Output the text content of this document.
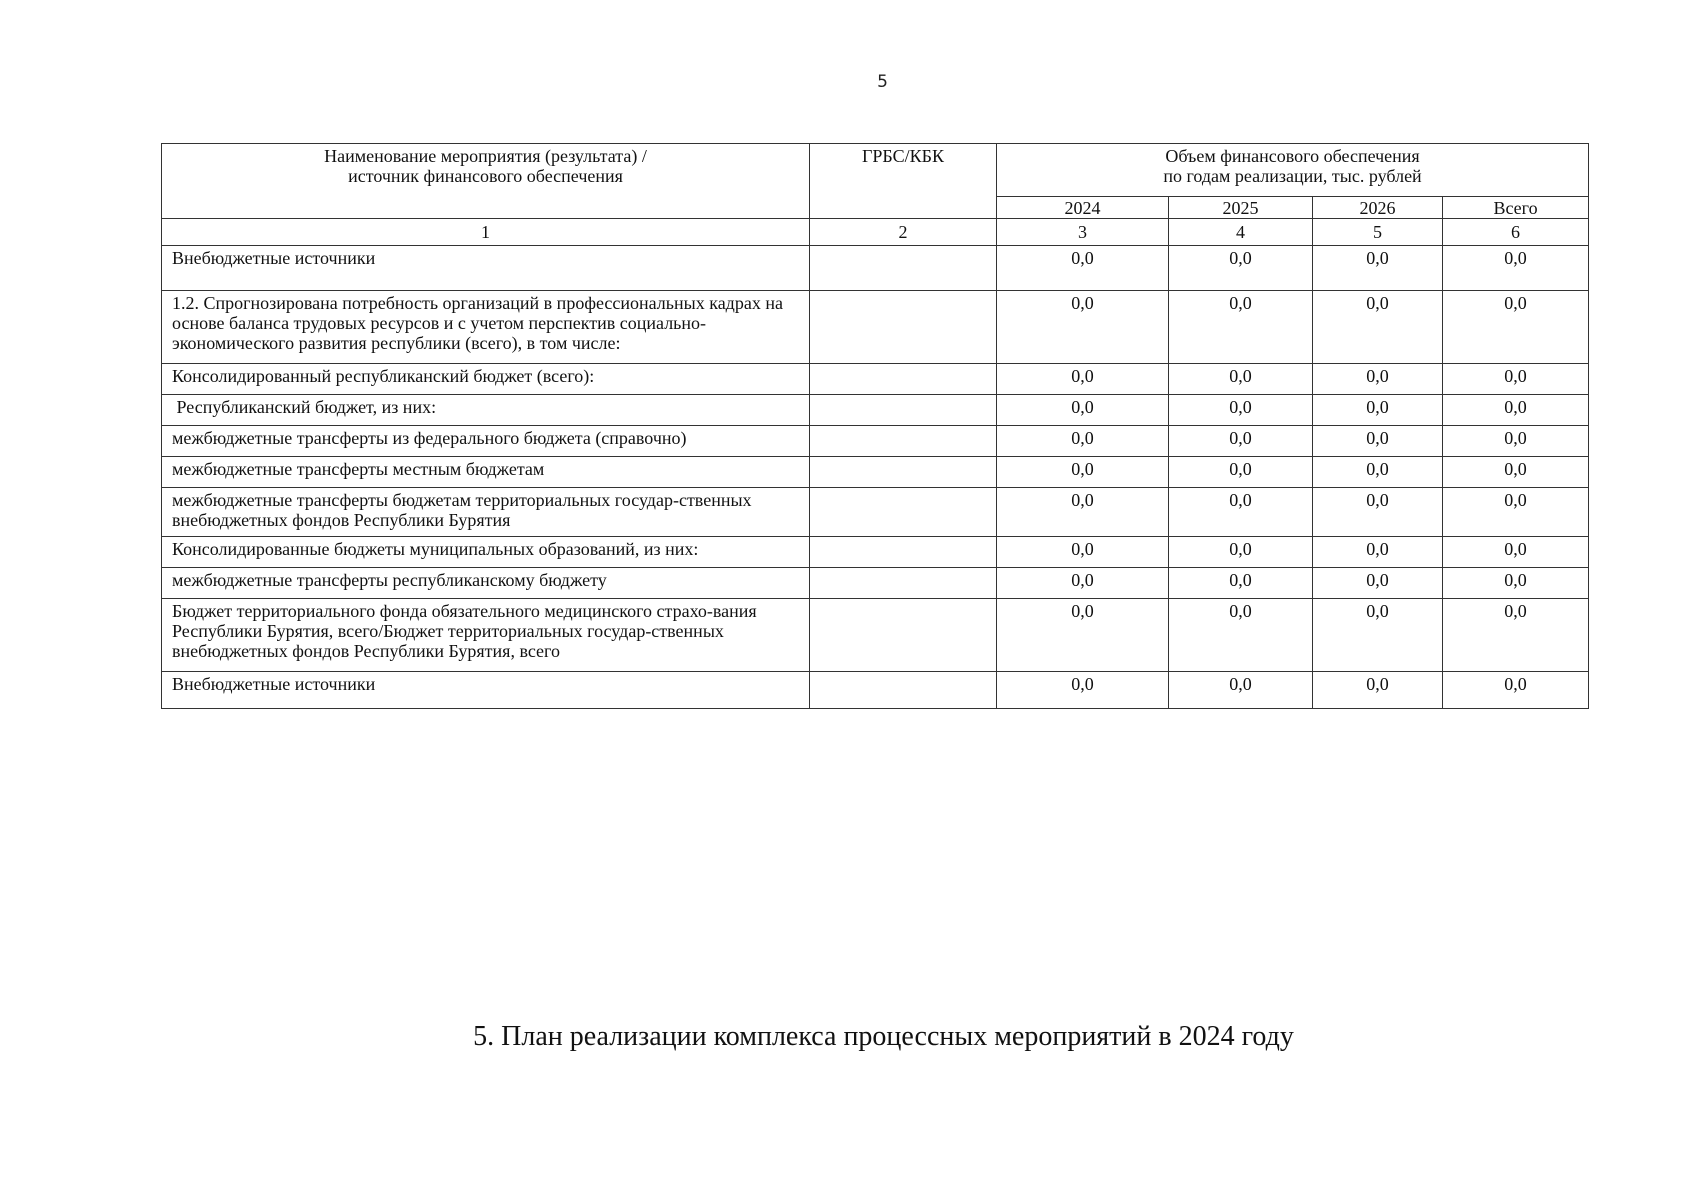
5
Наименование мероприятия (результата) /
источник финансового обеспечения	ГРБС/КБК	Объем финансового обеспечения
по годам реализации, тыс. рублей			
		2024	2025	2026	Всего
1	2	3	4	5	6
Внебюджетные источники		0,0	0,0	0,0	0,0
1.2. Спрогнозирована потребность организаций в профессиональных кадрах на основе баланса трудовых ресурсов и с учетом перспектив социально-экономического развития республики (всего), в том числе:		0,0	0,0	0,0	0,0
Консолидированный республиканский бюджет (всего):		0,0	0,0	0,0	0,0
Республиканский бюджет, из них:		0,0	0,0	0,0	0,0
межбюджетные трансферты из федерального бюджета (справочно)		0,0	0,0	0,0	0,0
межбюджетные трансферты местным бюджетам		0,0	0,0	0,0	0,0
межбюджетные трансферты бюджетам территориальных государ-ственных внебюджетных фондов Республики Бурятия		0,0	0,0	0,0	0,0
Консолидированные бюджеты муниципальных образований, из них:		0,0	0,0	0,0	0,0
межбюджетные трансферты республиканскому бюджету		0,0	0,0	0,0	0,0
Бюджет территориального фонда обязательного медицинского страхо-вания Республики Бурятия, всего/Бюджет территориальных государ-ственных внебюджетных фондов Республики Бурятия, всего		0,0	0,0	0,0	0,0
Внебюджетные источники		0,0	0,0	0,0	0,0
5. План реализации комплекса процессных мероприятий в 2024 году
